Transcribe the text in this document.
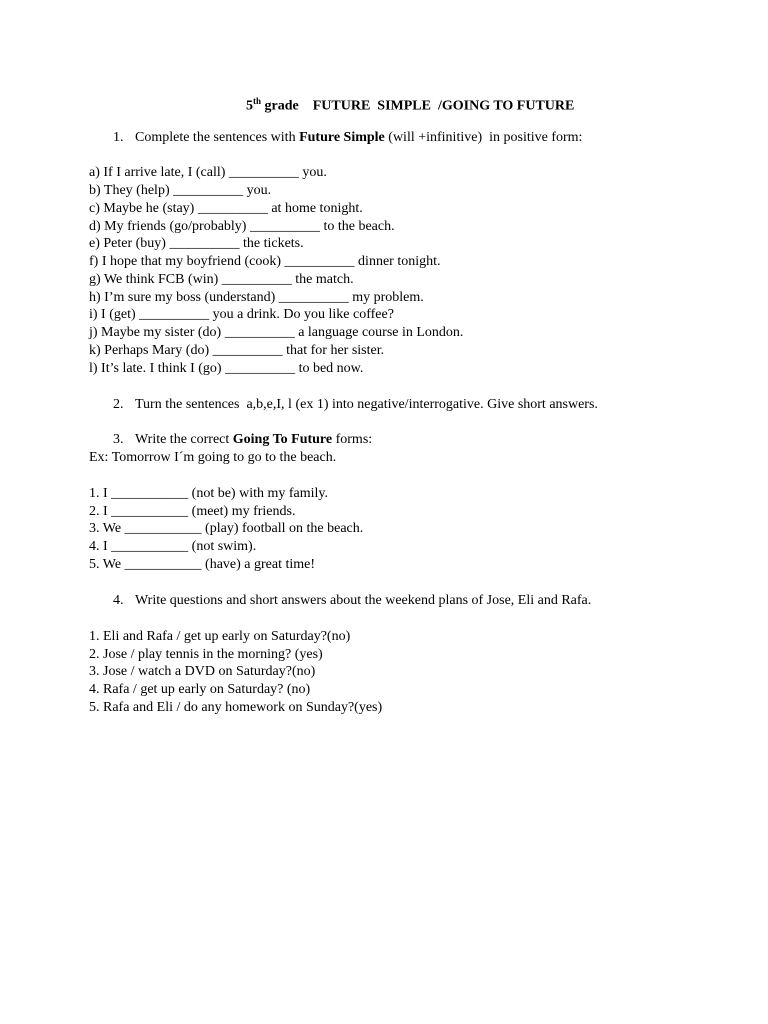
5th grade FUTURE  SIMPLE  /GOING TO FUTURE
1. Complete the sentences with Future Simple (will +infinitive)  in positive form:
a) If I arrive late, I (call) __________ you.
b) They (help) __________ you.
c) Maybe he (stay) __________ at home tonight.
d) My friends (go/probably) __________ to the beach.
e) Peter (buy) __________ the tickets.
f) I hope that my boyfriend (cook) __________ dinner tonight.
g) We think FCB (win) __________ the match.
h) I’m sure my boss (understand) __________ my problem.
i) I (get) __________ you a drink. Do you like coffee?
j) Maybe my sister (do) __________ a language course in London.
k) Perhaps Mary (do) __________ that for her sister.
l) It’s late. I think I (go) __________ to bed now.
2. Turn the sentences  a,b,e,I, l (ex 1) into negative/interrogative. Give short answers.
3. Write the correct Going To Future forms:
Ex: Tomorrow I´m going to go to the beach.
1. I ___________ (not be) with my family.
2. I ___________ (meet) my friends.
3. We ___________ (play) football on the beach.
4. I ___________ (not swim).
5. We ___________ (have) a great time!
4. Write questions and short answers about the weekend plans of Jose, Eli and Rafa.
1. Eli and Rafa / get up early on Saturday?(no)
2. Jose / play tennis in the morning? (yes)
3. Jose / watch a DVD on Saturday?(no)
4. Rafa / get up early on Saturday? (no)
5. Rafa and Eli / do any homework on Sunday?(yes)
